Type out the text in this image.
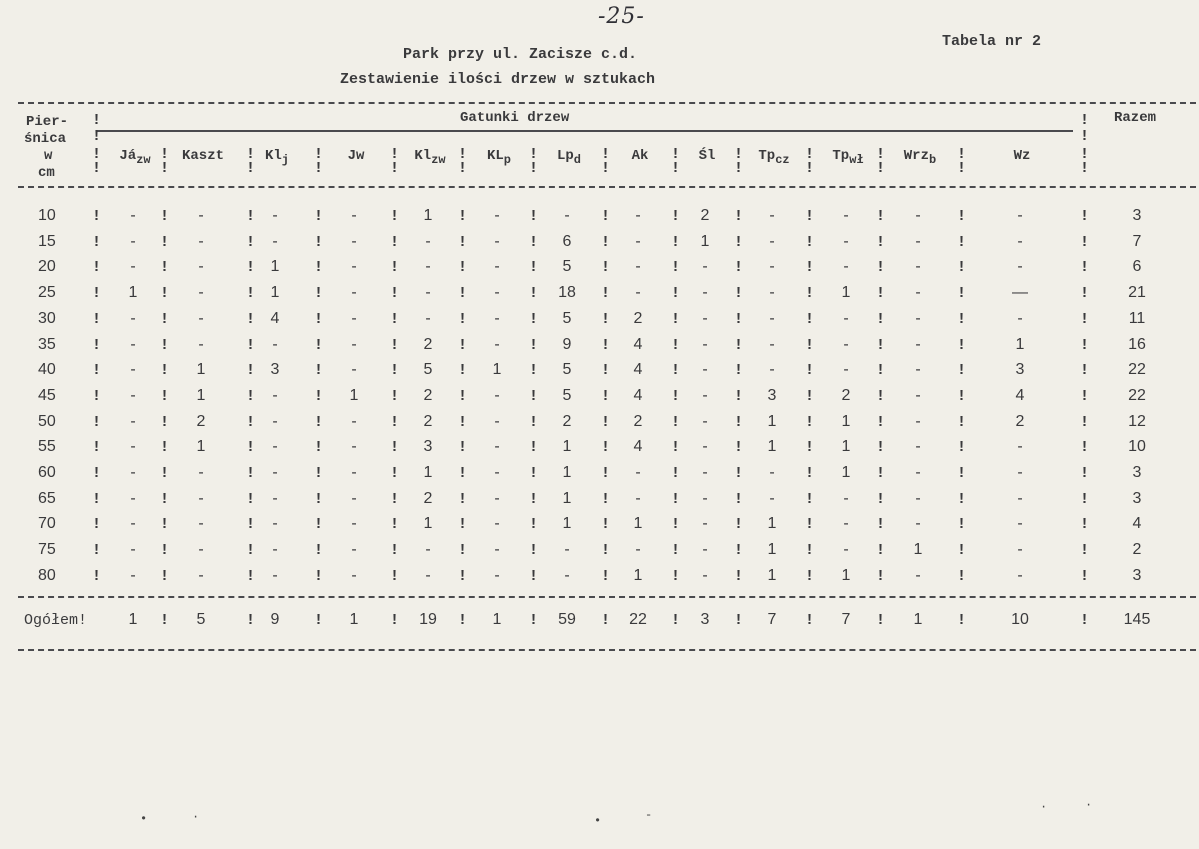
-25-
Tabela nr 2
Park przy ul. Zacisze c.d.
Zestawienie ilości drzew w sztukach
Pier-
śnica
w
cm
Gatunki drzew	Razem
$Já_{zw}$	Kaszt	$Kl_j$	Jw	$Kl_{zw}$	$KL_p$	$Lp_d$	Ak	Śl	$Tp_{cz}$	$Tp_{wł}$	Wrz$_b$	Wz
!
!
!
!
!
!
!
!
!
!
!
!
!
!
!
!
!
!
!
!
!
!
!
!
!
!
!
!
!
!
!
!
10	-	-	-	-	1	-	-	-	2	-	-	-	-	3
!	!	!	!	!	!	!	!	!	!	!	!	!	!
15	-	-	-	-	-	-	6	-	1	-	-	-	-	7
!	!	!	!	!	!	!	!	!	!	!	!	!	!
20	-	-	1	-	-	-	5	-	-	-	-	-	-	6
!	!	!	!	!	!	!	!	!	!	!	!	!	!
25	1	-	1	-	-	-	18	-	-	-	1	-	—	21
!	!	!	!	!	!	!	!	!	!	!	!	!	!
30	-	-	4	-	-	-	5	2	-	-	-	-	-	11
!	!	!	!	!	!	!	!	!	!	!	!	!	!
35	-	-	-	-	2	-	9	4	-	-	-	-	1	16
!	!	!	!	!	!	!	!	!	!	!	!	!	!
40	-	1	3	-	5	1	5	4	-	-	-	-	3	22
!	!	!	!	!	!	!	!	!	!	!	!	!	!
45	-	1	-	1	2	-	5	4	-	3	2	-	4	22
!	!	!	!	!	!	!	!	!	!	!	!	!	!
50	-	2	-	-	2	-	2	2	-	1	1	-	2	12
!	!	!	!	!	!	!	!	!	!	!	!	!	!
55	-	1	-	-	3	-	1	4	-	1	1	-	-	10
!	!	!	!	!	!	!	!	!	!	!	!	!	!
60	-	-	-	-	1	-	1	-	-	-	1	-	-	3
!	!	!	!	!	!	!	!	!	!	!	!	!	!
65	-	-	-	-	2	-	1	-	-	-	-	-	-	3
!	!	!	!	!	!	!	!	!	!	!	!	!	!
70	-	-	-	-	1	-	1	1	-	1	-	-	-	4
!	!	!	!	!	!	!	!	!	!	!	!	!	!
75	-	-	-	-	-	-	-	-	-	1	-	1	-	2
!	!	!	!	!	!	!	!	!	!	!	!	!	!
80	-	-	-	-	-	-	-	1	-	1	1	-	-	3
!	!	!	!	!	!	!	!	!	!	!	!	!	!
Ogółem!	1	5	9	1	19	1	59	22	3	7	7	1	10	145
!	!	!	!	!	!	!	!	!	!	!	!	!
•	·	•	-
·	·
